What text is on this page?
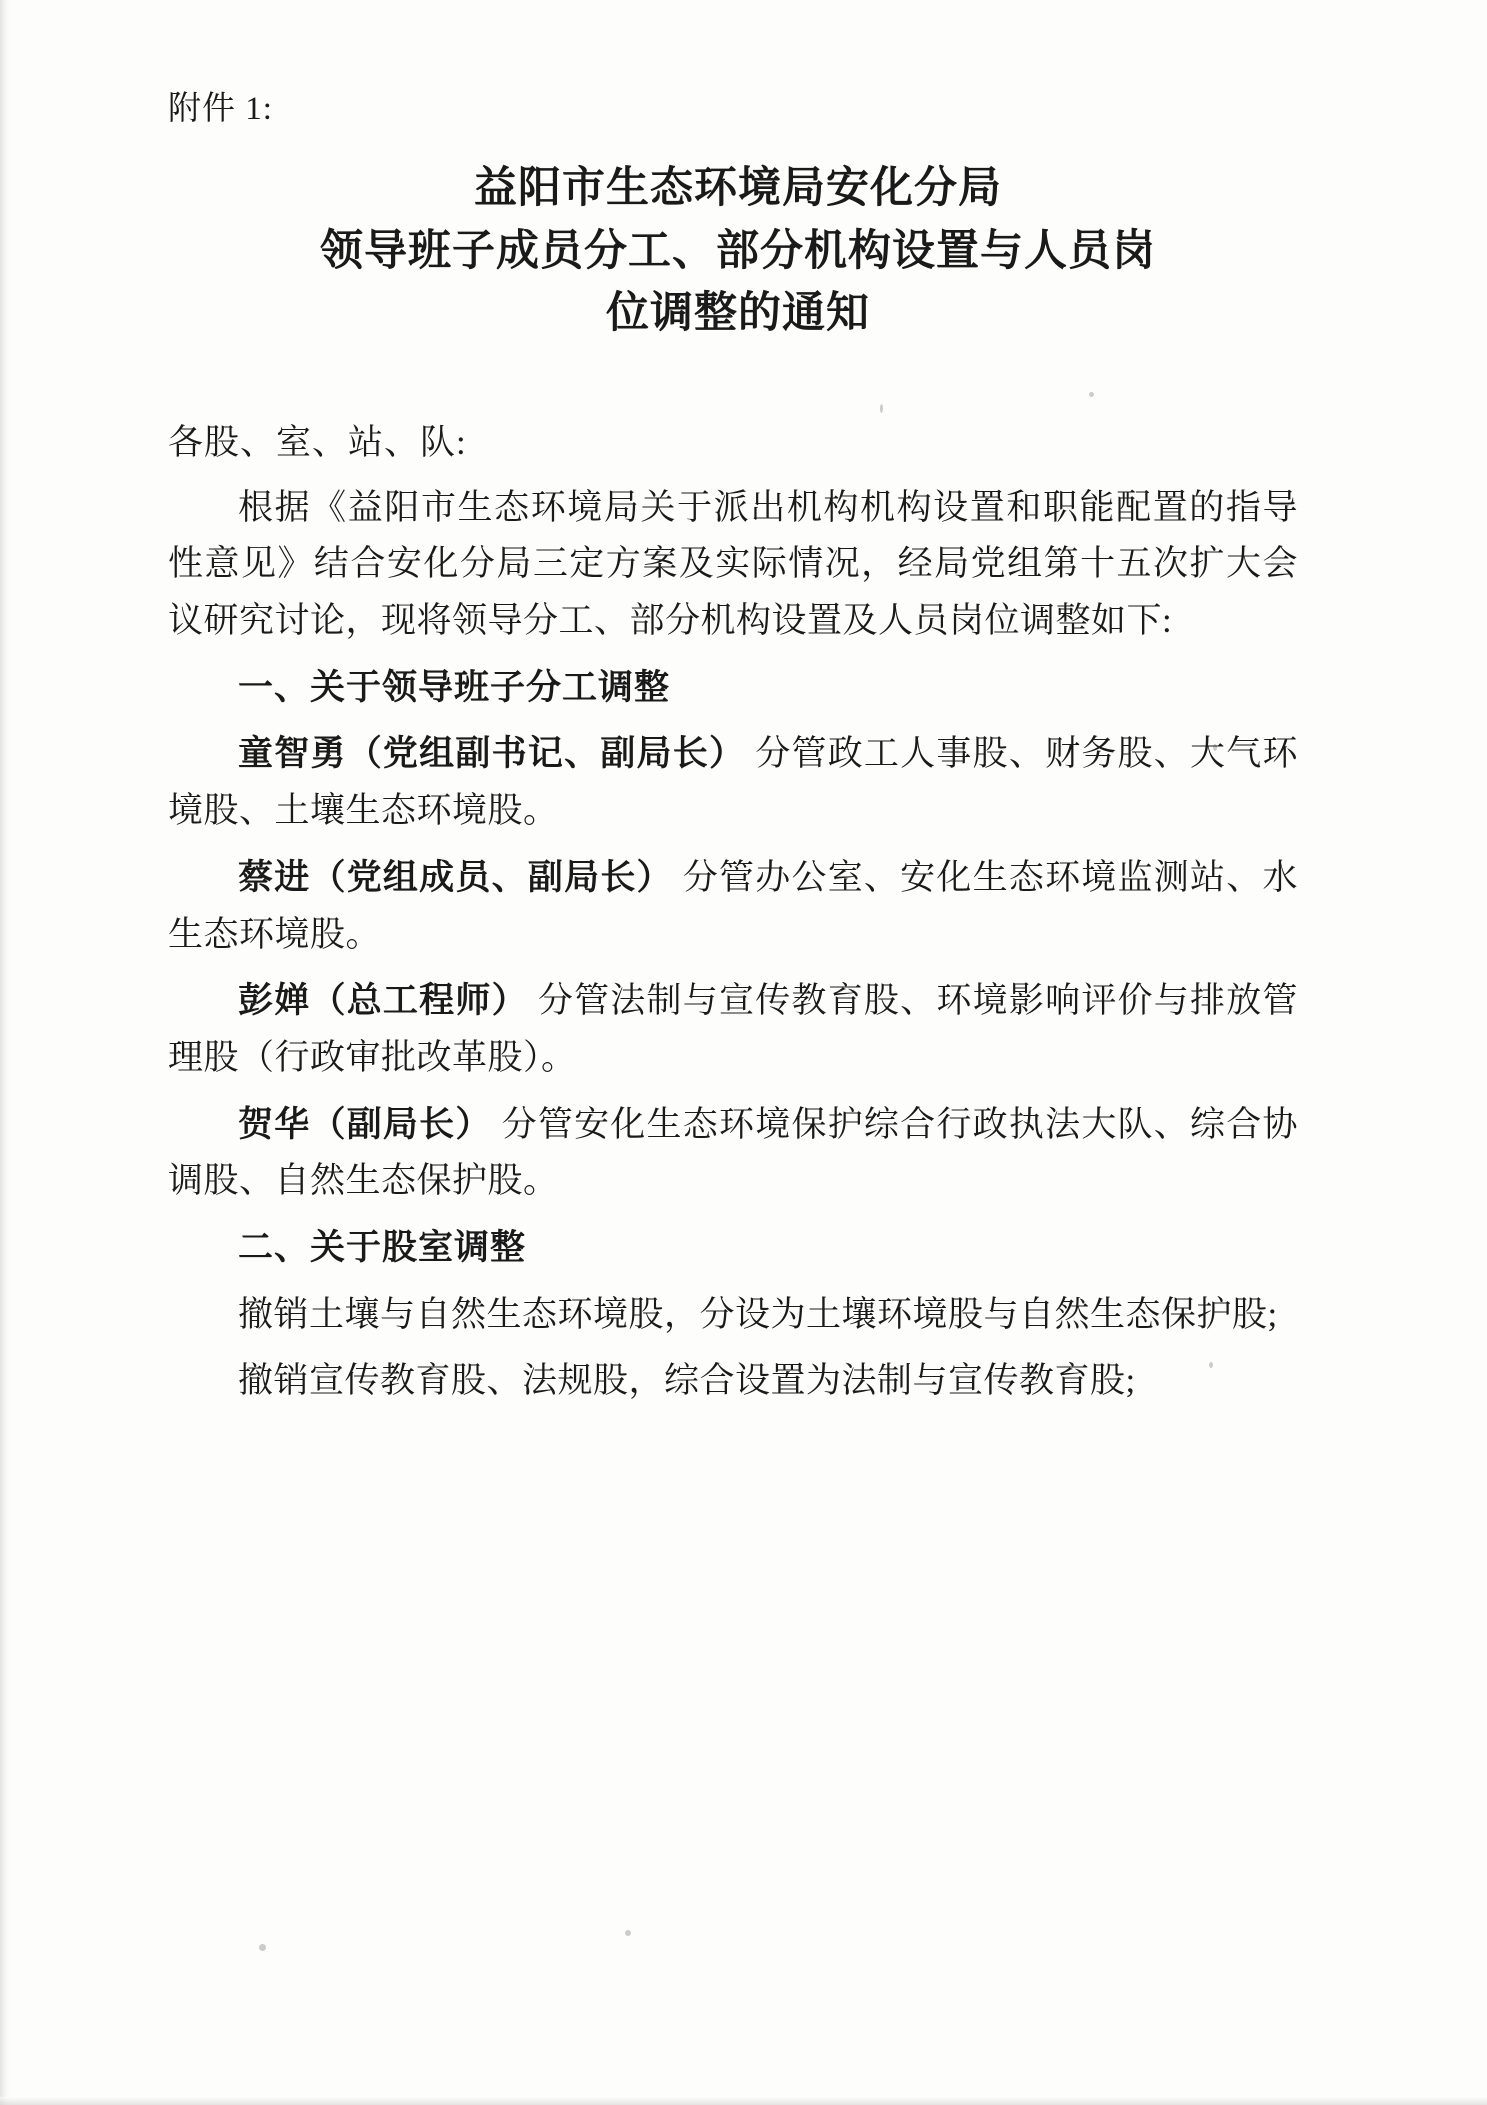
附件 1:
益阳市生态环境局安化分局
领导班子成员分工、部分机构设置与人员岗
位调整的通知
各股、室、站、队:

根据《益阳市生态环境局关于派出机构机构设置和职能配置的指导性意见》结合安化分局三定方案及实际情况，经局党组第十五次扩大会议研究讨论，现将领导分工、部分机构设置及人员岗位调整如下:

一、关于领导班子分工调整

童智勇（党组副书记、副局长） 分管政工人事股、财务股、大气环境股、土壤生态环境股。

蔡进（党组成员、副局长） 分管办公室、安化生态环境监测站、水生态环境股。

彭婵（总工程师） 分管法制与宣传教育股、环境影响评价与排放管理股（行政审批改革股）。

贺华（副局长） 分管安化生态环境保护综合行政执法大队、综合协调股、自然生态保护股。

二、关于股室调整

撤销土壤与自然生态环境股，分设为土壤环境股与自然生态保护股;

撤销宣传教育股、法规股，综合设置为法制与宣传教育股;
